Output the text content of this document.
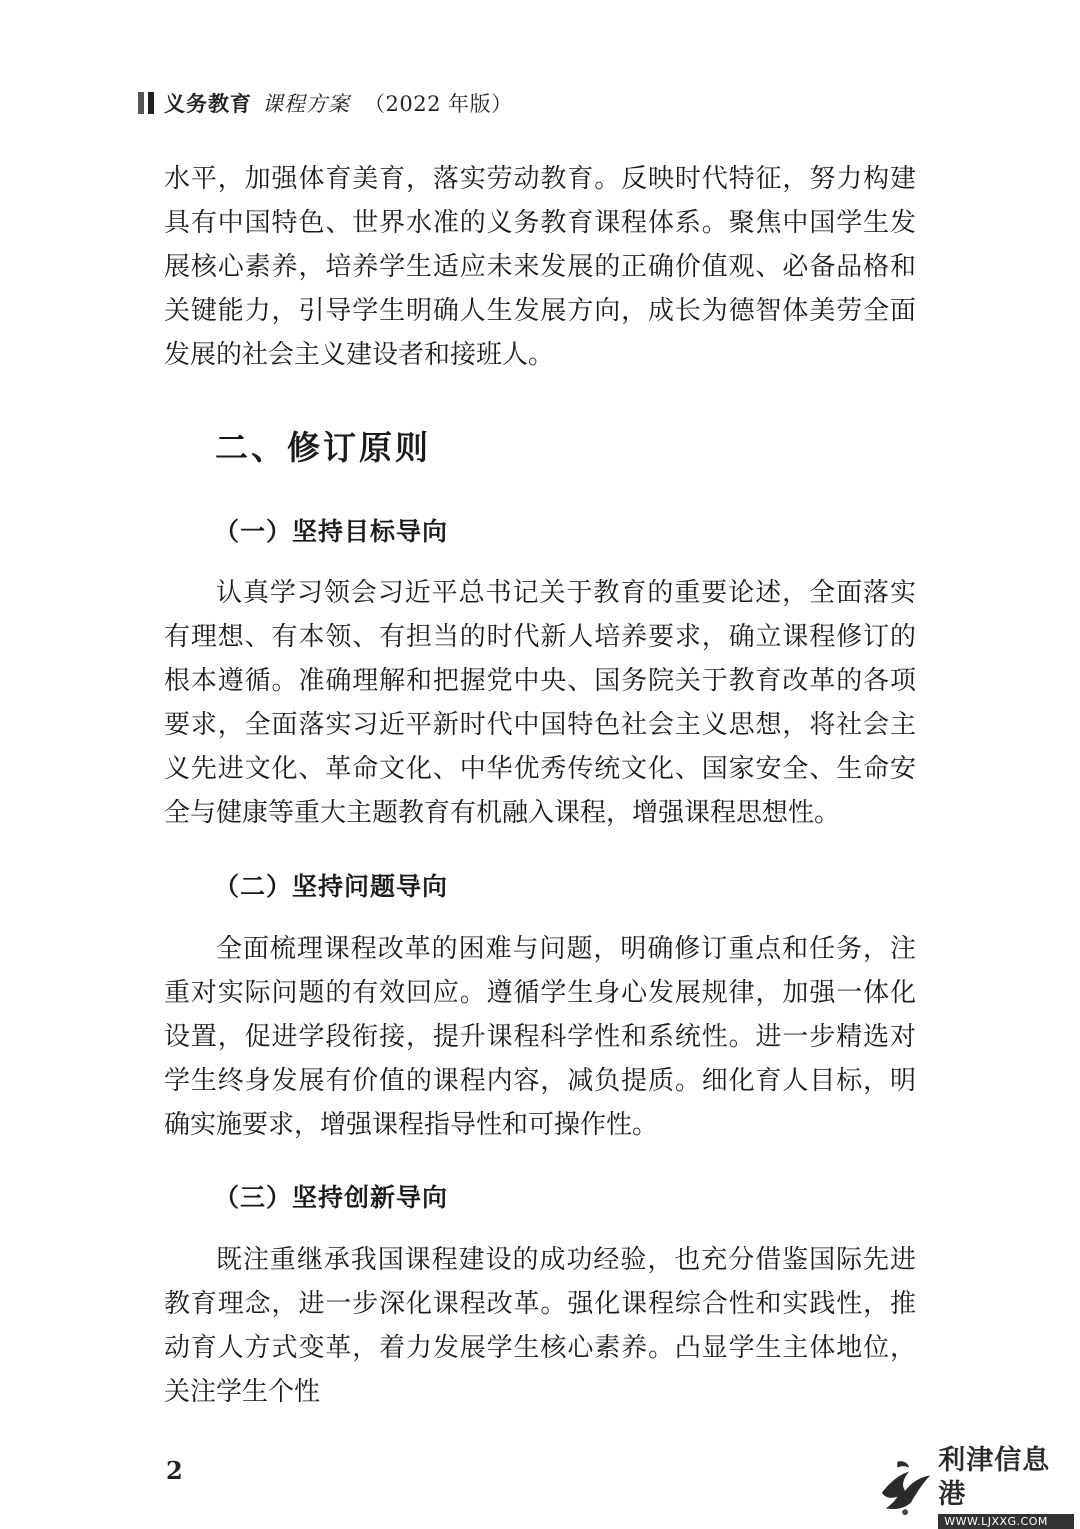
义务教育 课程方案 （2022 年版）

水平，加强体育美育，落实劳动教育。反映时代特征，努力构建具有中国特色、世界水准的义务教育课程体系。聚焦中国学生发展核心素养，培养学生适应未来发展的正确价值观、必备品格和关键能力，引导学生明确人生发展方向，成长为德智体美劳全面发展的社会主义建设者和接班人。

二、修订原则
（一）坚持目标导向

认真学习领会习近平总书记关于教育的重要论述，全面落实有理想、有本领、有担当的时代新人培养要求，确立课程修订的根本遵循。准确理解和把握党中央、国务院关于教育改革的各项要求，全面落实习近平新时代中国特色社会主义思想，将社会主义先进文化、革命文化、中华优秀传统文化、国家安全、生命安全与健康等重大主题教育有机融入课程，增强课程思想性。

（二）坚持问题导向

全面梳理课程改革的困难与问题，明确修订重点和任务，注重对实际问题的有效回应。遵循学生身心发展规律，加强一体化设置，促进学段衔接，提升课程科学性和系统性。进一步精选对学生终身发展有价值的课程内容，减负提质。细化育人目标，明确实施要求，增强课程指导性和可操作性。

（三）坚持创新导向

既注重继承我国课程建设的成功经验，也充分借鉴国际先进教育理念，进一步深化课程改革。强化课程综合性和实践性，推动育人方式变革，着力发展学生核心素养。凸显学生主体地位，关注学生个性

2	利津信息港
WWW.LJXXG.COM
